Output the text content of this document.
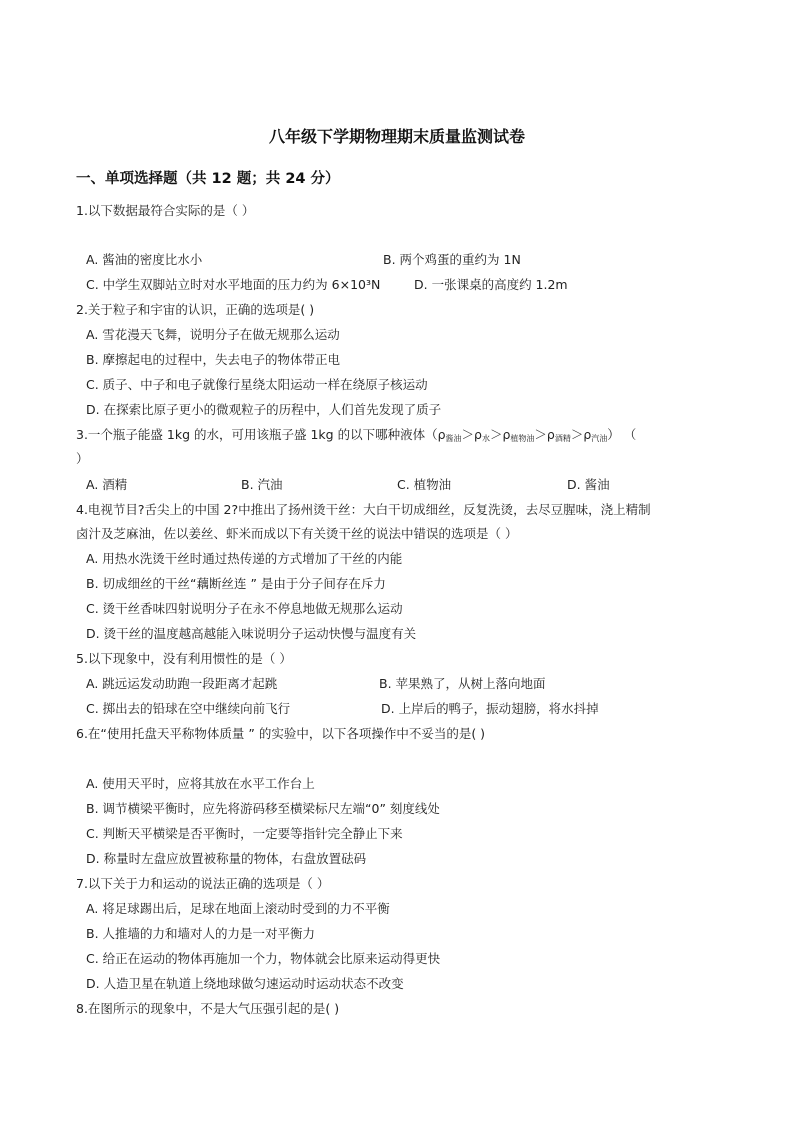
八年级下学期物理期末质量监测试卷
一、单项选择题（共 12 题；共 24 分）
1.以下数据最符合实际的是（ ）
A. 酱油的密度比水小	B. 两个鸡蛋的重约为 1N
C. 中学生双脚站立时对水平地面的压力约为 6×10³N	D. 一张课桌的高度约 1.2m
2.关于粒子和宇宙的认识，正确的选项是( )
A. 雪花漫天飞舞，说明分子在做无规那么运动
B. 摩擦起电的过程中，失去电子的物体带正电
C. 质子、中子和电子就像行星绕太阳运动一样在绕原子核运动
D. 在探索比原子更小的微观粒子的历程中，人们首先发现了质子
3.一个瓶子能盛 1kg 的水，可用该瓶子盛 1kg 的以下哪种液体$(\rho_{酱油}>\rho_水>\rho_{植物油}>\rho_{酒精}>\rho_{汽油})$ （
）
A. 酒精	B. 汽油	C. 植物油	D. 酱油
4.电视节目?舌尖上的中国 2?中推出了扬州烫干丝：大白干切成细丝，反复洗烫，去尽豆腥味，浇上精制
卤汁及芝麻油，佐以姜丝、虾米而成以下有关烫干丝的说法中错误的选项是（ ）
A. 用热水洗烫干丝时通过热传递的方式增加了干丝的内能
B. 切成细丝的干丝“藕断丝连 ” 是由于分子间存在斥力
C. 烫干丝香味四射说明分子在永不停息地做无规那么运动
D. 烫干丝的温度越高越能入味说明分子运动快慢与温度有关
5.以下现象中，没有利用惯性的是（ ）
A. 跳远运发动助跑一段距离才起跳	B. 苹果熟了，从树上落向地面
C. 掷出去的铅球在空中继续向前飞行	D. 上岸后的鸭子，振动翅膀，将水抖掉
6.在“使用托盘天平称物体质量 ” 的实验中，以下各项操作中不妥当的是( )
A. 使用天平时，应将其放在水平工作台上
B. 调节横梁平衡时，应先将游码移至横梁标尺左端“0” 刻度线处
C. 判断天平横梁是否平衡时，一定要等指针完全静止下来
D. 称量时左盘应放置被称量的物体，右盘放置砝码
7.以下关于力和运动的说法正确的选项是（ ）
A. 将足球踢出后，足球在地面上滚动时受到的力不平衡
B. 人推墙的力和墙对人的力是一对平衡力
C. 给正在运动的物体再施加一个力，物体就会比原来运动得更快
D. 人造卫星在轨道上绕地球做匀速运动时运动状态不改变
8.在图所示的现象中，不是大气压强引起的是( )
